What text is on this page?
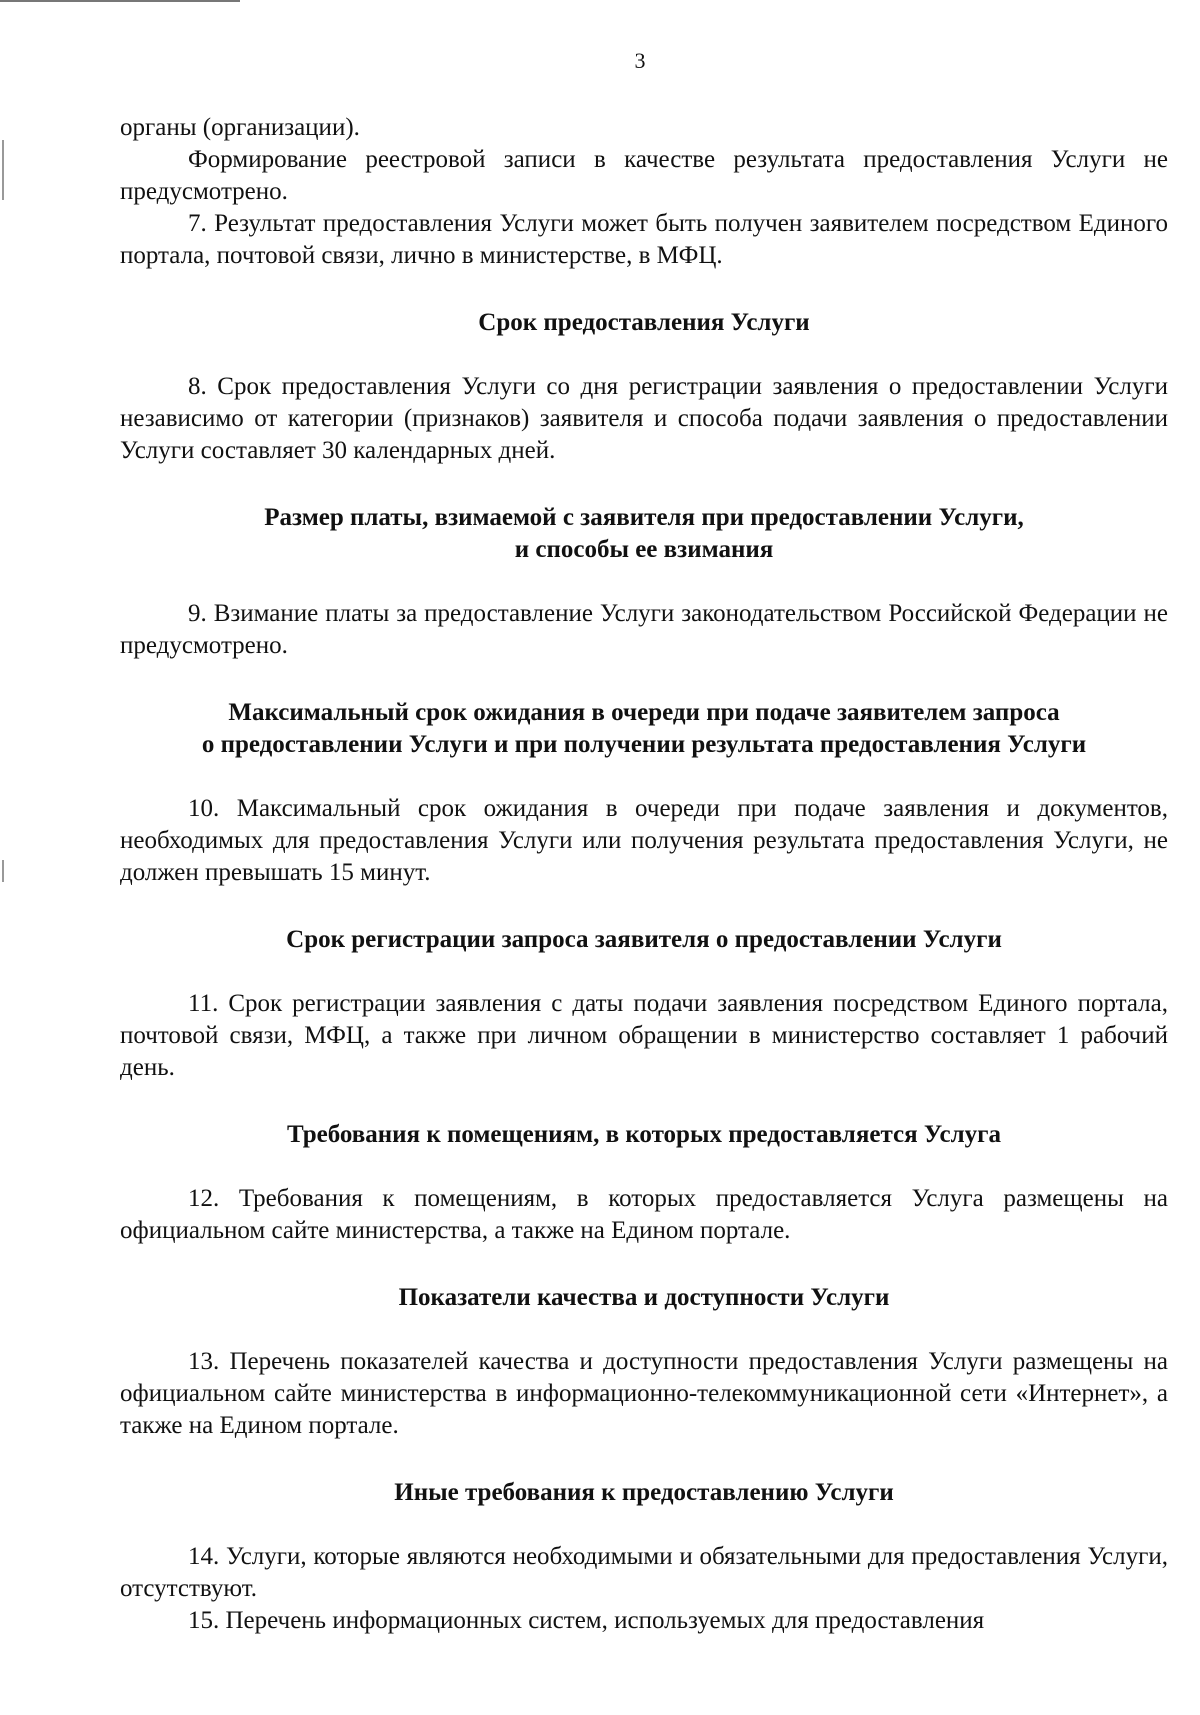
3

органы (организации).

Формирование реестровой записи в качестве результата предоставления Услуги не предусмотрено.

7. Результат предоставления Услуги может быть получен заявителем посредством Единого портала, почтовой связи, лично в министерстве, в МФЦ.

Срок предоставления Услуги

8. Срок предоставления Услуги со дня регистрации заявления о предоставлении Услуги независимо от категории (признаков) заявителя и способа подачи заявления о предоставлении Услуги составляет 30 календарных дней.

Размер платы, взимаемой с заявителя при предоставлении Услуги,
и способы ее взимания

9. Взимание платы за предоставление Услуги законодательством Российской Федерации не предусмотрено.

Максимальный срок ожидания в очереди при подаче заявителем запроса
о предоставлении Услуги и при получении результата предоставления Услуги

10. Максимальный срок ожидания в очереди при подаче заявления и документов, необходимых для предоставления Услуги или получения результата предоставления Услуги, не должен превышать 15 минут.

Срок регистрации запроса заявителя о предоставлении Услуги

11. Срок регистрации заявления с даты подачи заявления посредством Единого портала, почтовой связи, МФЦ, а также при личном обращении в министерство составляет 1 рабочий день.

Требования к помещениям, в которых предоставляется Услуга

12. Требования к помещениям, в которых предоставляется Услуга размещены на официальном сайте министерства, а также на Едином портале.

Показатели качества и доступности Услуги

13. Перечень показателей качества и доступности предоставления Услуги размещены на официальном сайте министерства в информационно-телекоммуникационной сети «Интернет», а также на Едином портале.

Иные требования к предоставлению Услуги

14. Услуги, которые являются необходимыми и обязательными для предоставления Услуги, отсутствуют.

15. Перечень информационных систем, используемых для предоставления
